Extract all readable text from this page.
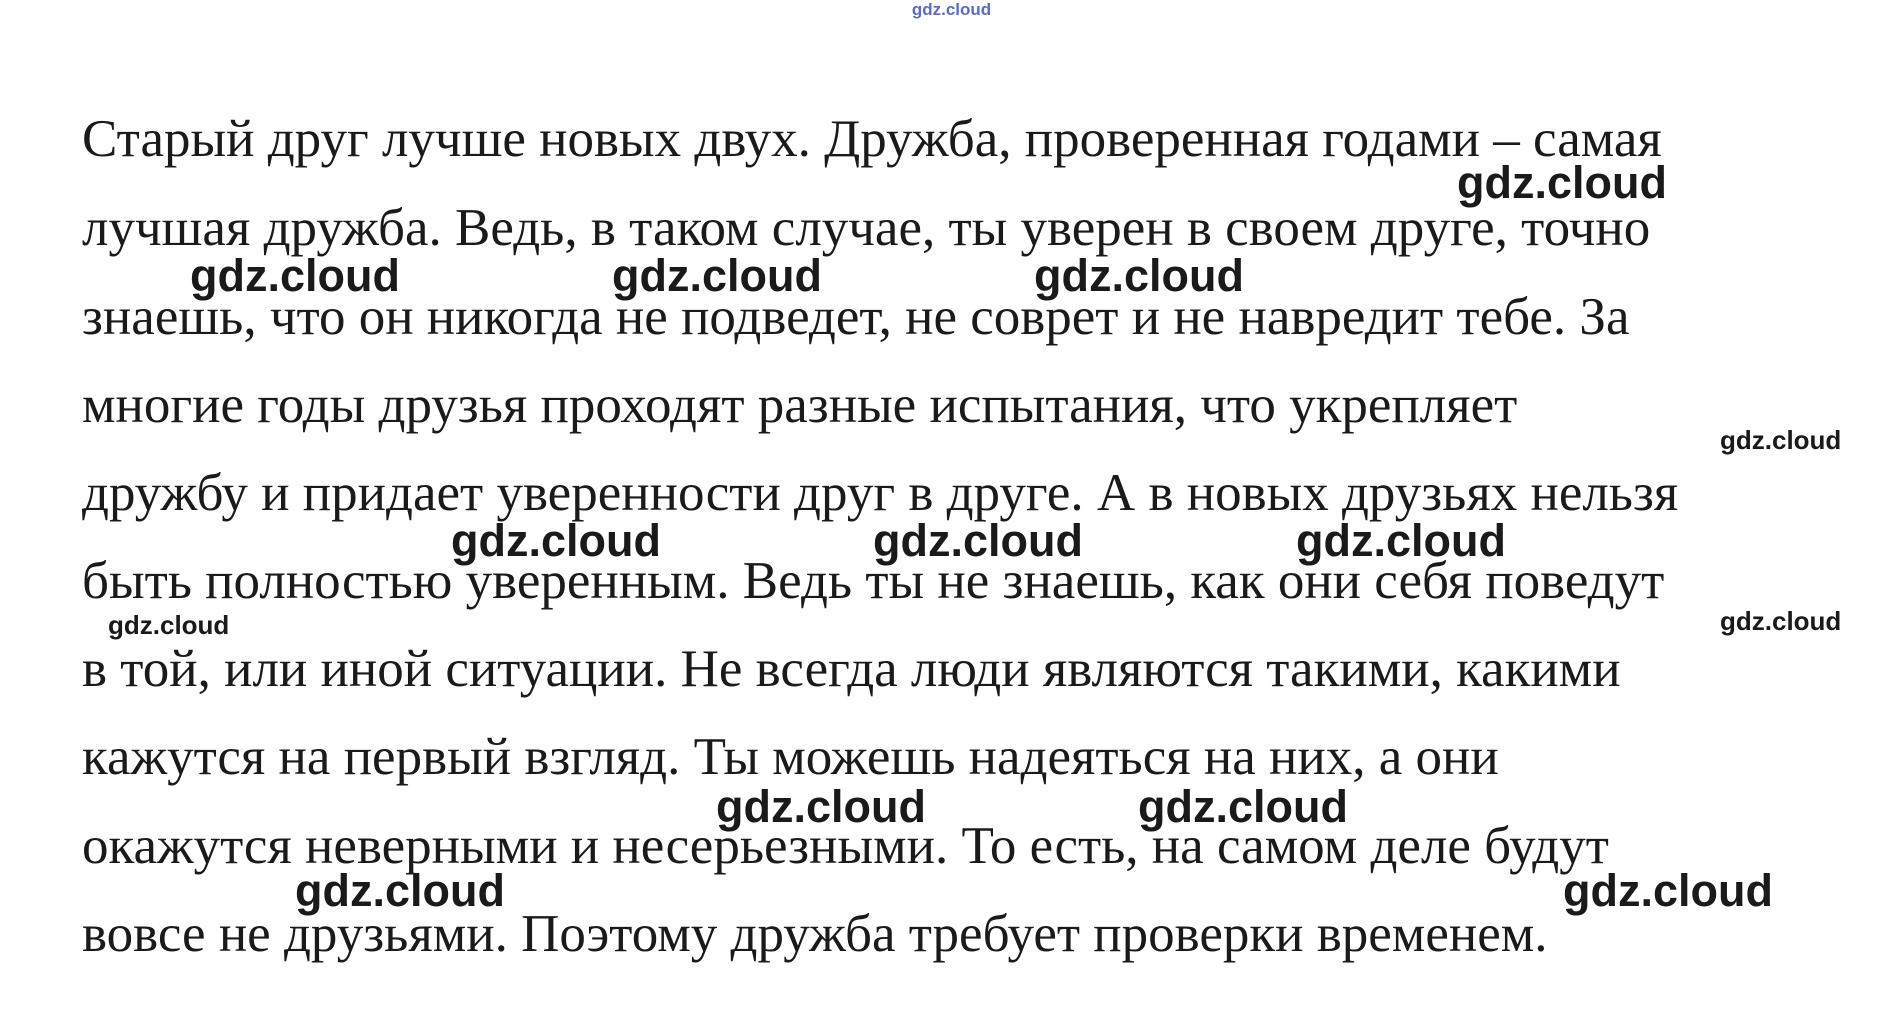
gdz.cloud
Старый друг лучше новых двух. Дружба, проверенная годами – самая
лучшая дружба. Ведь, в таком случае, ты уверен в своем друге, точно
знаешь, что он никогда не подведет, не соврет и не навредит тебе. За
многие годы друзья проходят разные испытания, что укрепляет
дружбу и придает уверенности друг в друге. А в новых друзьях нельзя
быть полностью уверенным. Ведь ты не знаешь, как они себя поведут
в той, или иной ситуации. Не всегда люди являются такими, какими
кажутся на первый взгляд. Ты можешь надеяться на них, а они
окажутся неверными и несерьезными. То есть, на самом деле будут
вовсе не друзьями. Поэтому дружба требует проверки временем.
gdz.cloud
gdz.cloud	gdz.cloud	gdz.cloud
gdz.cloud
gdz.cloud	gdz.cloud	gdz.cloud
gdz.cloud	gdz.cloud
gdz.cloud	gdz.cloud
gdz.cloud	gdz.cloud
